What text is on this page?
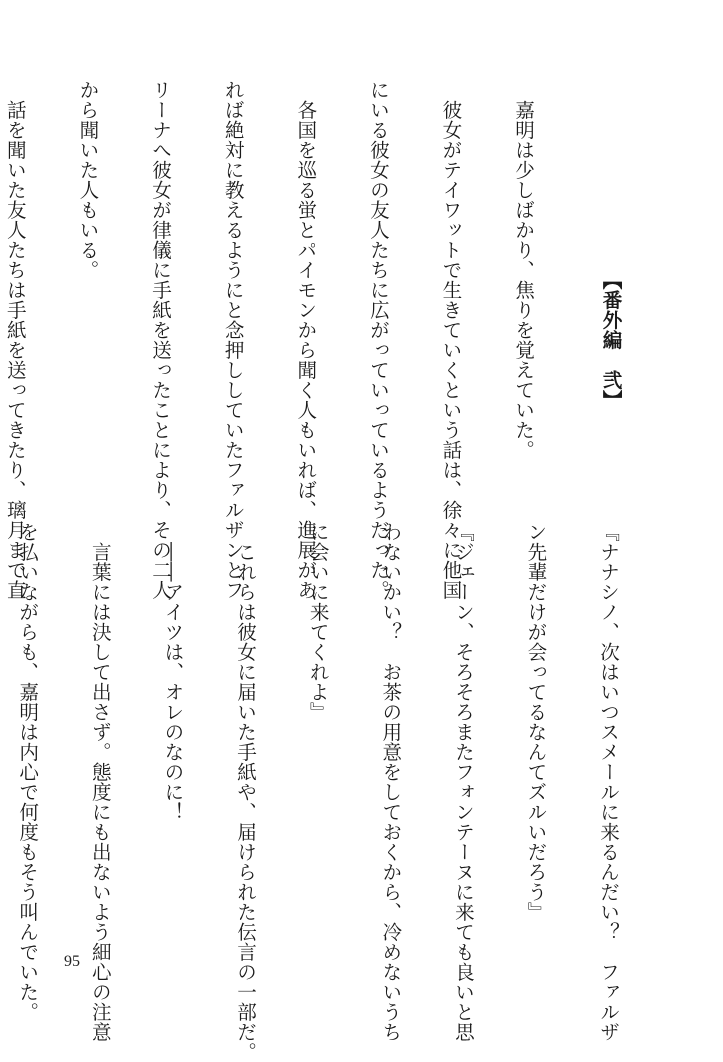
【番外編　弐】

　嘉明は少しばかり、焦りを覚えていた。

　彼女がテイワットで生きていくという話は、徐々に他国

にいる彼女の友人たちに広がっていっているようだった。

　各国を巡る蛍とパイモンから聞く人もいれば、進展があ

れば絶対に教えるようにと念押ししていたファルザンとフ

リーナへ彼女が律儀に手紙を送ったことにより、その二人

から聞いた人もいる。

　話を聞いた友人たちは手紙を送ってきたり、璃月まで直

『ナナシノ、次はいつスメールに来るんだい？　ファルザ

ン先輩だけが会ってるなんてズルいだろう』

『ジェーン、そろそろまたフォンテーヌに来ても良いと思

わないかい？　お茶の用意をしておくから、冷めないうち

に会いに来てくれよ』

　これらは彼女に届いた手紙や、届けられた伝言の一部だ。

　――アイツは、オレのなのに！

　言葉には決して出さず。態度にも出ないよう細心の注意

を払いながらも、嘉明は内心で何度もそう叫んでいた。

95
